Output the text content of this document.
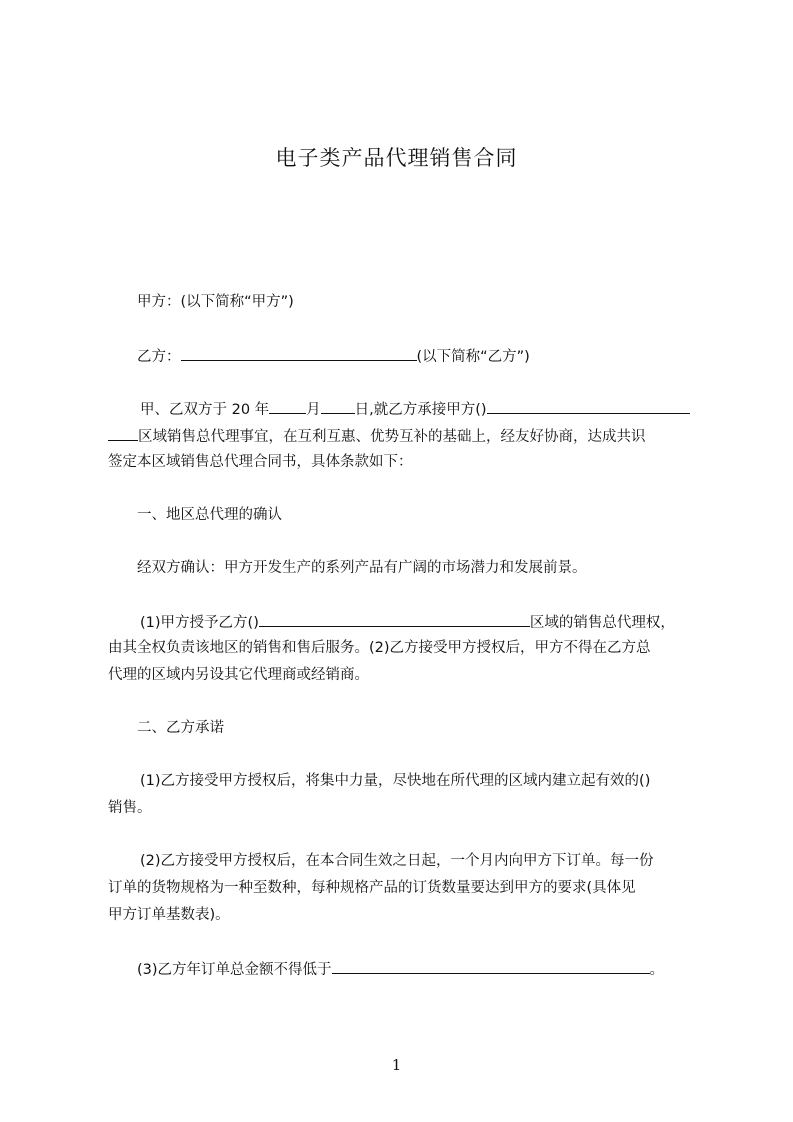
电子类产品代理销售合同
甲方：(以下简称“甲方”)
乙方：	(以下简称“乙方”)
甲、乙双方于 20 年	月 日,就乙方承接甲方()
区域销售总代理事宜，在互利互惠、优势互补的基础上，经友好协商，达成共识
签定本区域销售总代理合同书，具体条款如下：
一、地区总代理的确认
经双方确认：甲方开发生产的系列产品有广阔的市场潜力和发展前景。
(1)甲方授予乙方()	区域的销售总代理权，
由其全权负责该地区的销售和售后服务。(2)乙方接受甲方授权后，甲方不得在乙方总
代理的区域内另设其它代理商或经销商。
二、乙方承诺
(1)乙方接受甲方授权后，将集中力量，尽快地在所代理的区域内建立起有效的()
销售。
(2)乙方接受甲方授权后，在本合同生效之日起，一个月内向甲方下订单。每一份
订单的货物规格为一种至数种，每种规格产品的订货数量要达到甲方的要求(具体见
甲方订单基数表)。
(3)乙方年订单总金额不得低于	。
1
